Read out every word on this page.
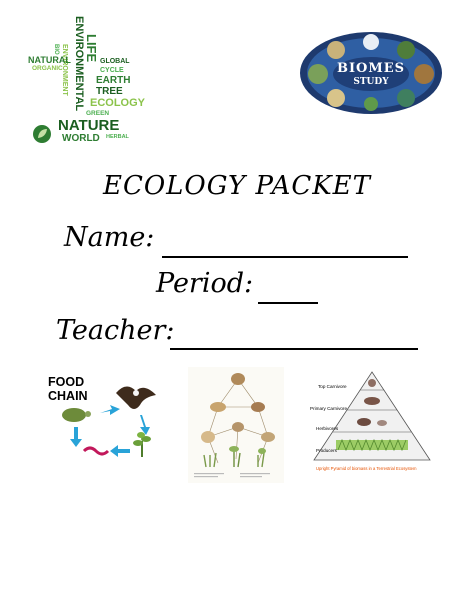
ENVIRONMENTAL LIFE
ENVIRONMENT
BIO
NATURAL
ORGANIC
GLOBAL
CYCLE
EARTH
TREE
ECOLOGY
GREEN
NATURE
WORLD HERBAL
BIOMES
STUDY
ECOLOGY PACKET
Name:
Period:
Teacher:
FOOD
CHAIN
Top Carnivore
Primary Carnivore
Herbivores
Producers
Upright Pyramid of biomass in a Terrestrial Ecosystem
